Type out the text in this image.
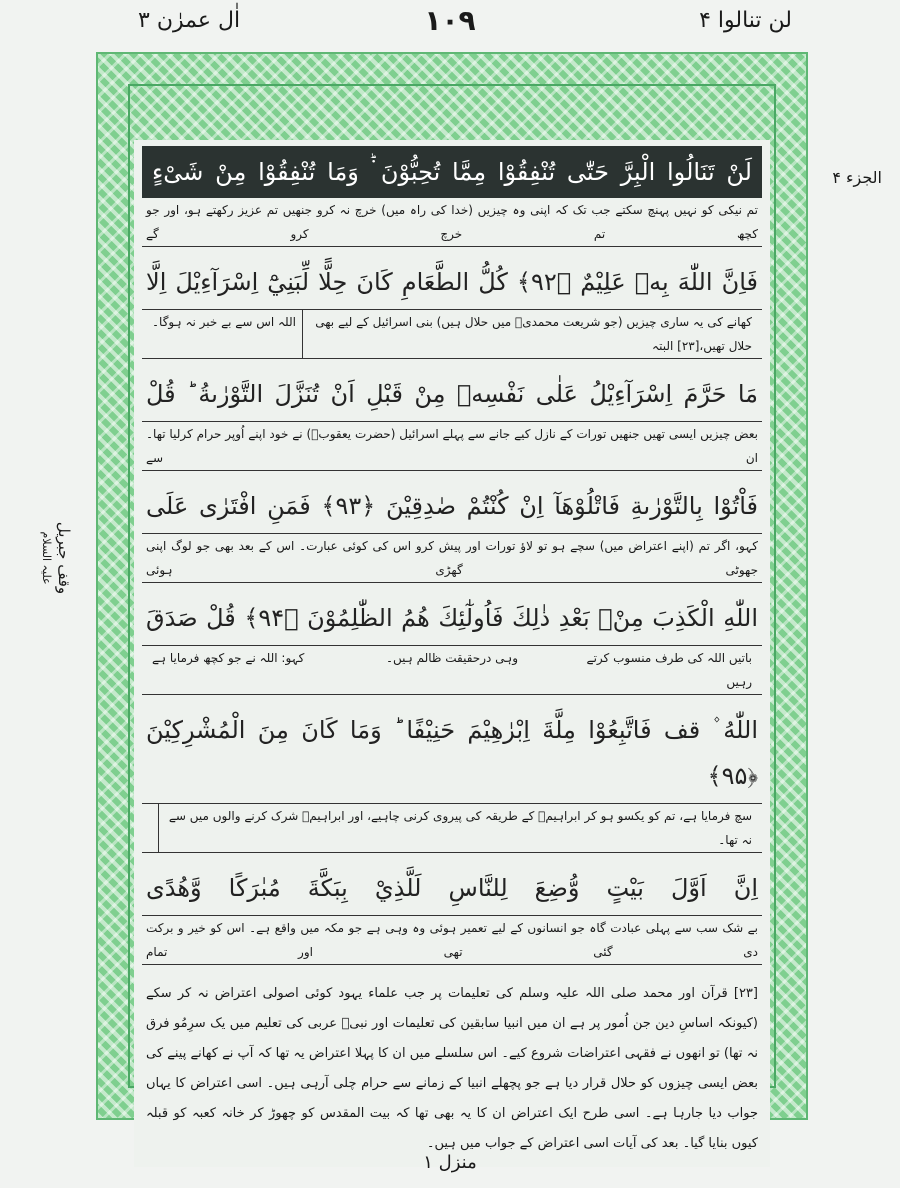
لن تنالوا ۴
۱۰۹
اٰل عمرٰن ۳
الجزء ۴
وقف جبریل
علیہ السلام
لَنْ تَنَالُوا الْبِرَّ حَتّٰى تُنْفِقُوْا مِمَّا تُحِبُّوْنَ ۬ؕ وَمَا تُنْفِقُوْا مِنْ شَیْءٍ
تم نیکی کو نہیں پہنچ سکتے جب تک کہ اپنی وہ چیزیں (خدا کی راہ میں) خرچ نہ کرو جنھیں تم عزیز رکھتے ہو، اور جو کچھ تم خرچ کرو گے
فَاِنَّ اللّٰهَ بِهٖ عَلِيْمٌ ﴿۹۲﴾ كُلُّ الطَّعَامِ كَانَ حِلًّا لِّبَنِيْٓ اِسْرَآءِيْلَ اِلَّا
کھانے کی یہ ساری چیزیں (جو شریعت محمدیؐ میں حلال ہیں) بنی اسرائیل کے لیے بھی حلال تھیں،[۲۳] البتہ
اللہ اس سے بے خبر نہ ہوگا۔
مَا حَرَّمَ اِسْرَآءِيْلُ عَلٰى نَفْسِهٖ مِنْ قَبْلِ اَنْ تُنَزَّلَ التَّوْرٰىةُ ؕ قُلْ
بعض چیزیں ایسی تھیں جنھیں تورات کے نازل کیے جانے سے پہلے اسرائیل (حضرت یعقوبؑ) نے خود اپنے اُوپر حرام کرلیا تھا۔ ان سے
فَاْتُوْا بِالتَّوْرٰىةِ فَاتْلُوْهَآ اِنْ كُنْتُمْ صٰدِقِيْنَ ﴿۹۳﴾ فَمَنِ افْتَرٰى عَلَى
کہو، اگر تم (اپنے اعتراض میں) سچے ہو تو لاؤ تورات اور پیش کرو اس کی کوئی عبارت۔ اس کے بعد بھی جو لوگ اپنی جھوٹی گھڑی ہوئی
اللّٰهِ الْكَذِبَ مِنْۢ بَعْدِ ذٰلِكَ فَاُولٰٓئِكَ هُمُ الظّٰلِمُوْنَ ﴿۹۴﴾ قُلْ صَدَقَ
باتیں اللہ کی طرف منسوب کرتے رہیں
وہی درحقیقت ظالم ہیں۔
کہو: اللہ نے جو کچھ فرمایا ہے
اللّٰهُ ۫ قف فَاتَّبِعُوْا مِلَّةَ اِبْرٰهِيْمَ حَنِيْفًا ؕ وَمَا كَانَ مِنَ الْمُشْرِكِيْنَ ﴿۹۵﴾
سچ فرمایا ہے، تم کو یکسو ہو کر ابراہیمؑ کے طریقہ کی پیروی کرنی چاہیے، اور ابراہیمؑ شرک کرنے والوں میں سے نہ تھا۔
اِنَّ اَوَّلَ بَيْتٍ وُّضِعَ لِلنَّاسِ لَلَّذِيْ بِبَكَّةَ مُبٰرَكًا وَّهُدًى
بے شک سب سے پہلی عبادت گاہ جو انسانوں کے لیے تعمیر ہوئی وہ وہی ہے جو مکہ میں واقع ہے۔ اس کو خیر و برکت دی گئی تھی اور تمام
[۲۳] قرآن اور محمد صلی اللہ علیہ وسلم کی تعلیمات پر جب علماء یہود کوئی اصولی اعتراض نہ کر سکے (کیونکہ اساسِ دین جن اُمور پر ہے ان میں انبیا سابقین کی تعلیمات اور نبیؐ عربی کی تعلیم میں یک سرِمُو فرق نہ تھا) تو انھوں نے فقہی اعتراضات شروع کیے۔ اس سلسلے میں ان کا پہلا اعتراض یہ تھا کہ آپ نے کھانے پینے کی بعض ایسی چیزوں کو حلال قرار دیا ہے جو پچھلے انبیا کے زمانے سے حرام چلی آرہی ہیں۔ اسی اعتراض کا یہاں جواب دیا جارہا ہے۔ اسی طرح ایک اعتراض ان کا یہ بھی تھا کہ بیت المقدس کو چھوڑ کر خانہ کعبہ کو قبلہ کیوں بنایا گیا۔ بعد کی آیات اسی اعتراض کے جواب میں ہیں۔
منزل ۱
